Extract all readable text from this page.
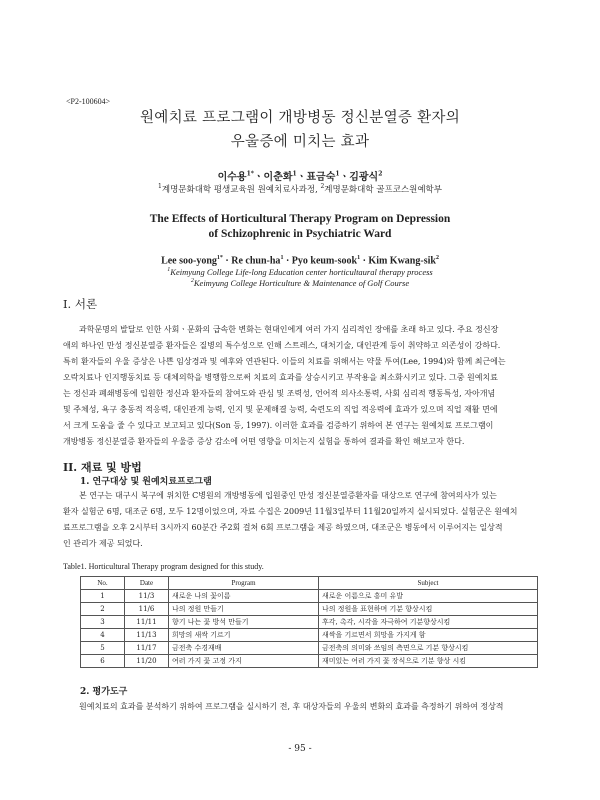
<P2-100604>
원예치료 프로그램이 개방병동 정신분열증 환자의
우울증에 미치는 효과
이수용$^{1*}$ㆍ이춘화$^1$ㆍ표금숙$^1$ㆍ김광식$^2$
$^1$계명문화대학 평생교육원 원예치료사과정, $^2$계명문화대학 골프코스원예학부
The Effects of Horticultural Therapy Program on Depression
of Schizophrenic in Psychiatric Ward
Lee soo-yong$^{1*}$ · Re chun-$ha^1$ · Pyo keum-sook$^1$ · Kim Kwang-sik$^2$
$^1$Keimyung College Life-long Education center horticultaural therapy process
$^2$Keimyung College Horticulture & Maintenance of Golf Course
Ⅰ. 서론
과학문명의 발달로 인한 사회ㆍ문화의 급속한 변화는 현대인에게 여러 가지 심리적인 장애를 초래 하고 있다. 주요 정신장
애의 하나인 만성 정신분열증 환자들은 질병의 특수성으로 인해 스트레스, 대처기술, 대인관계 등이 취약하고 의존성이 강하다.
특히 환자들의 우울 증상은 나쁜 임상경과 및 예후와 연관된다. 이들의 치료를 위해서는 약물 투여(Lee, 1994)와 함께 최근에는
오락치료나 인지행동치료 등 대체의학을 병행함으로써 치료의 효과를 상승시키고 부작용을 최소화시키고 있다. 그중 원예치료
는 정신과 폐쇄병동에 입원한 정신과 환자들의 참여도와 관심 및 조력성, 언어적 의사소통력, 사회 심리적 행동특성, 자아개념
및 주체성, 욕구 충동적 적응력, 대인관계 능력, 인지 및 문제해결 능력, 숙련도의 직업 적응력에 효과가 있으며 직업 재활 면에
서 크게 도움을 줄 수 있다고 보고되고 있다(Son 등, 1997). 이러한 효과를 검증하기 위하여 본 연구는 원예치료 프로그램이
개방병동 정신분열증 환자들의 우울증 증상 감소에 어떤 영향을 미치는지 실험을 통하여 결과를 확인 해보고자 한다.
II. 재료 및 방법
1. 연구대상 및 원예치료프로그램
본 연구는 대구시 북구에 위치한 C병원의 개방병동에 입원중인 만성 정신분열증환자를 대상으로 연구에 참여의사가 있는
환자 실험군 6명, 대조군 6명, 모두 12명이었으며, 자료 수집은 2009년 11월3일부터 11월20일까지 실시되었다. 실험군은 원예치
료프로그램을 오후 2시부터 3시까지 60분간 주2회 걸쳐 6회 프로그램을 제공 하였으며, 대조군은 병동에서 이루어지는 일상적
인 관리가 제공 되었다.
Table1. Horticultural Therapy program designed for this study.
No.	Date	Program	Subject
1	11/3	새로운 나의 꽃이름	새로운 이름으로 흥미 유발
2	11/6	나의 정원 만들기	나의 정원을 표현하며 기분 향상시킴
3	11/11	향기 나는 꽃 방석 만들기	후각, 촉각, 시각을 자극하여 기분향상시킴
4	11/13	희망의 새싹 기르기	새싹을 기르면서 희망을 가지게 함
5	11/17	금전축 수경재배	금전축의 의미와 쓰임의 측면으로 기분 향상시킴
6	11/20	여러 가지 꽃 고정 가지	재미있는 여러 가지 꽃 장식으로 기분 향상 시킴
2. 평가도구
원예치료의 효과를 분석하기 위하여 프로그램을 실시하기 전, 후 대상자들의 우울의 변화의 효과를 측정하기 위하여 정상적
- 95 -
